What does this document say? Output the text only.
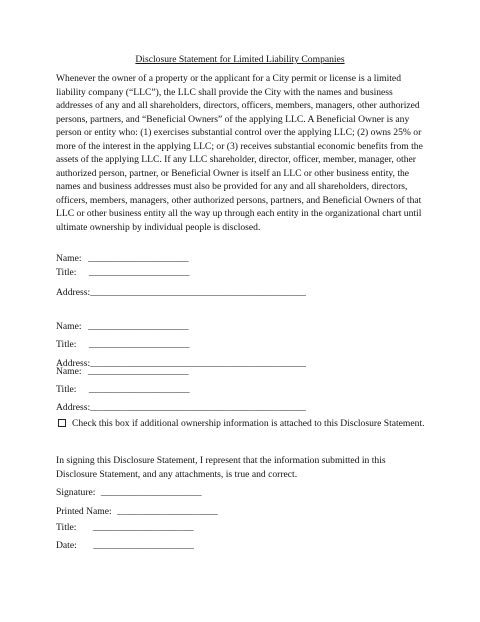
Disclosure Statement for Limited Liability Companies

Whenever the owner of a property or the applicant for a City permit or license is a limited liability company (“LLC”), the LLC shall provide the City with the names and business addresses of any and all shareholders, directors, officers, members, managers, other authorized persons, partners, and “Beneficial Owners” of the applying LLC. A Beneficial Owner is any person or entity who: (1) exercises substantial control over the applying LLC; (2) owns 25% or more of the interest in the applying LLC; or (3) receives substantial economic benefits from the assets of the applying LLC. If any LLC shareholder, director, officer, member, manager, other authorized person, partner, or Beneficial Owner is itself an LLC or other business entity, the names and business addresses must also be provided for any and all shareholders, directors, officers, members, managers, other authorized persons, partners, and Beneficial Owners of that LLC or other business entity all the way up through each entity in the organizational chart until ultimate ownership by individual people is disclosed.

Name: _____________________
Title: _____________________
Address:_____________________________________________
Name: _____________________
Title: _____________________
Address:_____________________________________________
Name: _____________________
Title: _____________________
Address:_____________________________________________
Check this box if additional ownership information is attached to this Disclosure Statement.

In signing this Disclosure Statement, I represent that the information submitted in this Disclosure Statement, and any attachments, is true and correct.

Signature: _____________________
Printed Name: _____________________
Title: _____________________
Date: _____________________
